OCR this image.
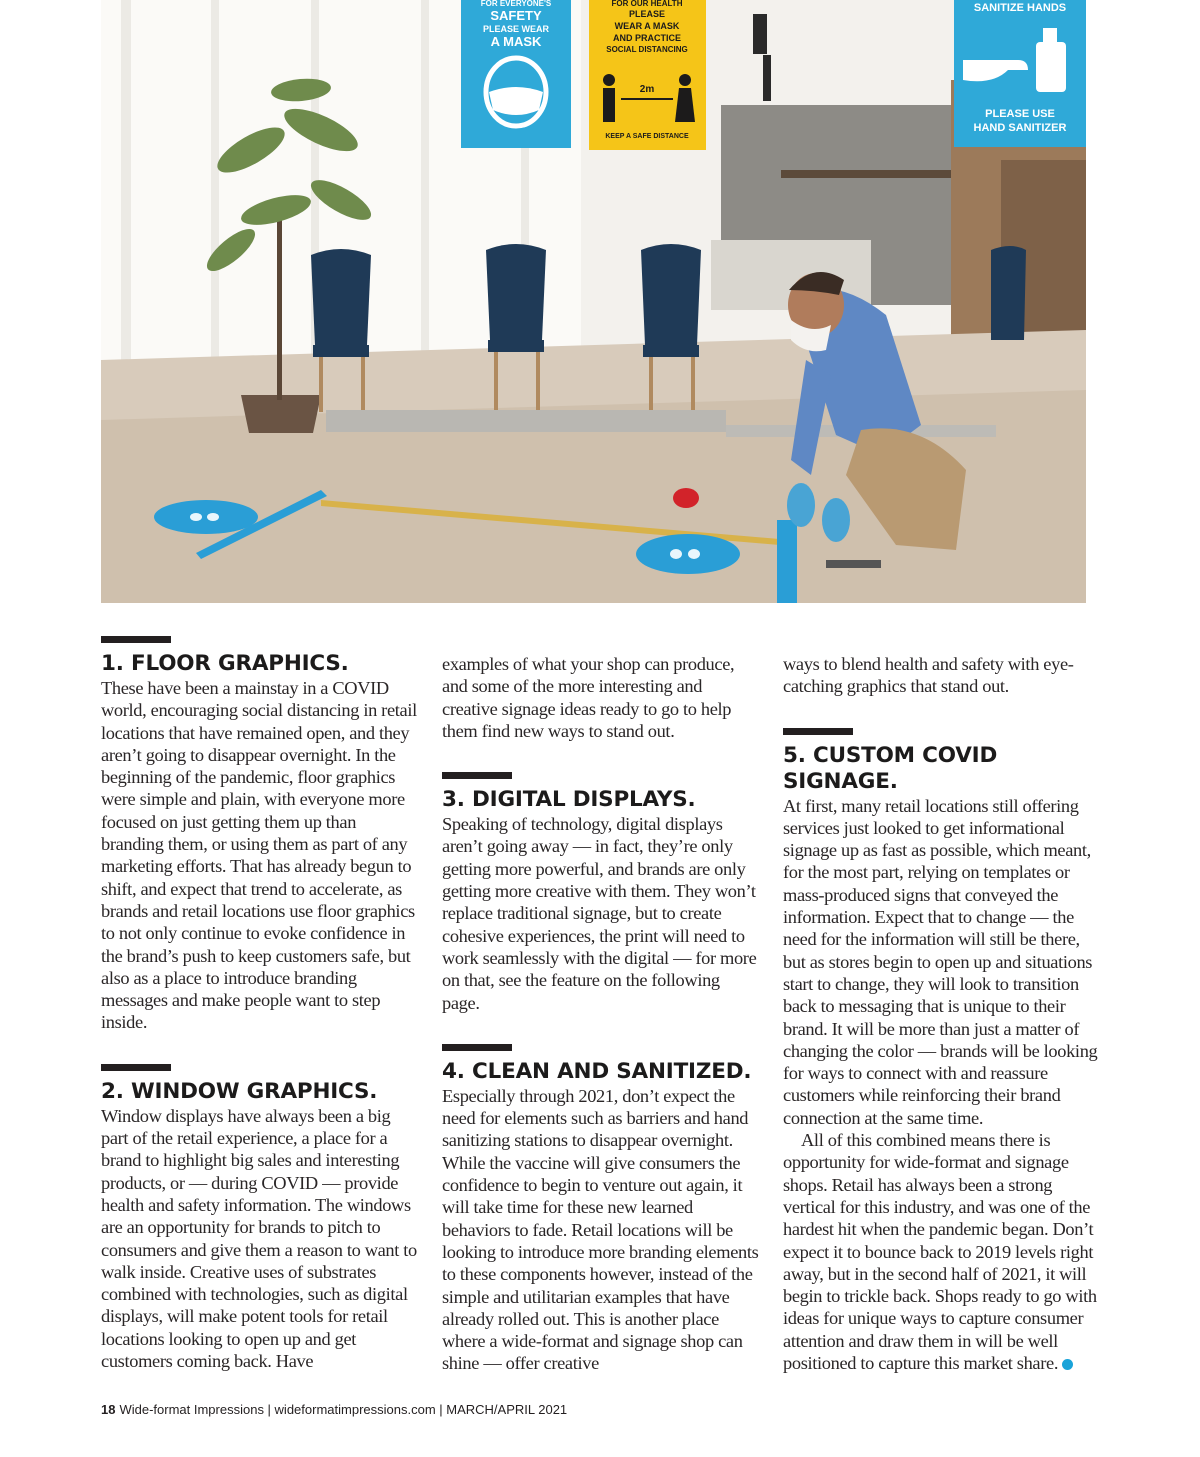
FOR EVERYONE'S
SAFETY
PLEASE WEAR
A MASK
FOR OUR HEALTH
PLEASE
WEAR A MASK
AND PRACTICE
SOCIAL DISTANCING
2m
KEEP A SAFE DISTANCE
SANITIZE HANDS
PLEASE USE
HAND SANITIZER
1. FLOOR GRAPHICS.

These have been a mainstay in a COVID world, encouraging social distancing in retail locations that have remained open, and they aren’t going to disappear overnight. In the beginning of the pandemic, floor graphics were simple and plain, with everyone more focused on just getting them up than branding them, or using them as part of any marketing efforts. That has already begun to shift, and expect that trend to accelerate, as brands and retail locations use floor graphics to not only continue to evoke confidence in the brand’s push to keep customers safe, but also as a place to introduce branding messages and make people want to step inside.

2. WINDOW GRAPHICS.

Window displays have always been a big part of the retail experience, a place for a brand to highlight big sales and interesting products, or — during COVID — provide health and safety information. The windows are an opportunity for brands to pitch to consumers and give them a reason to want to walk inside. Creative uses of substrates combined with technologies, such as digital displays, will make potent tools for retail locations looking to open up and get customers coming back. Have

examples of what your shop can produce, and some of the more interesting and creative signage ideas ready to go to help them find new ways to stand out.

3. DIGITAL DISPLAYS.

Speaking of technology, digital displays aren’t going away — in fact, they’re only getting more powerful, and brands are only getting more creative with them. They won’t replace traditional signage, but to create cohesive experiences, the print will need to work seamlessly with the digital — for more on that, see the feature on the following page.

4. CLEAN AND SANITIZED.

Especially through 2021, don’t expect the need for elements such as barriers and hand sanitizing stations to disappear overnight. While the vaccine will give consumers the confidence to begin to venture out again, it will take time for these new learned behaviors to fade. Retail locations will be looking to introduce more branding elements to these components however, instead of the simple and utilitarian examples that have already rolled out. This is another place where a wide-format and signage shop can shine — offer creative

ways to blend health and safety with eye-catching graphics that stand out.

5. CUSTOM COVID SIGNAGE.

At first, many retail locations still offering services just looked to get informational signage up as fast as possible, which meant, for the most part, relying on templates or mass-produced signs that conveyed the information. Expect that to change — the need for the information will still be there, but as stores begin to open up and situations start to change, they will look to transition back to messaging that is unique to their brand. It will be more than just a matter of changing the color — brands will be looking for ways to connect with and reassure customers while reinforcing their brand connection at the same time.

All of this combined means there is opportunity for wide-format and signage shops. Retail has always been a strong vertical for this industry, and was one of the hardest hit when the pandemic began. Don’t expect it to bounce back to 2019 levels right away, but in the second half of 2021, it will begin to trickle back. Shops ready to go with ideas for unique ways to capture consumer attention and draw them in will be well positioned to capture this market share.

18 Wide-format Impressions | wideformatimpressions.com | MARCH/APRIL 2021
